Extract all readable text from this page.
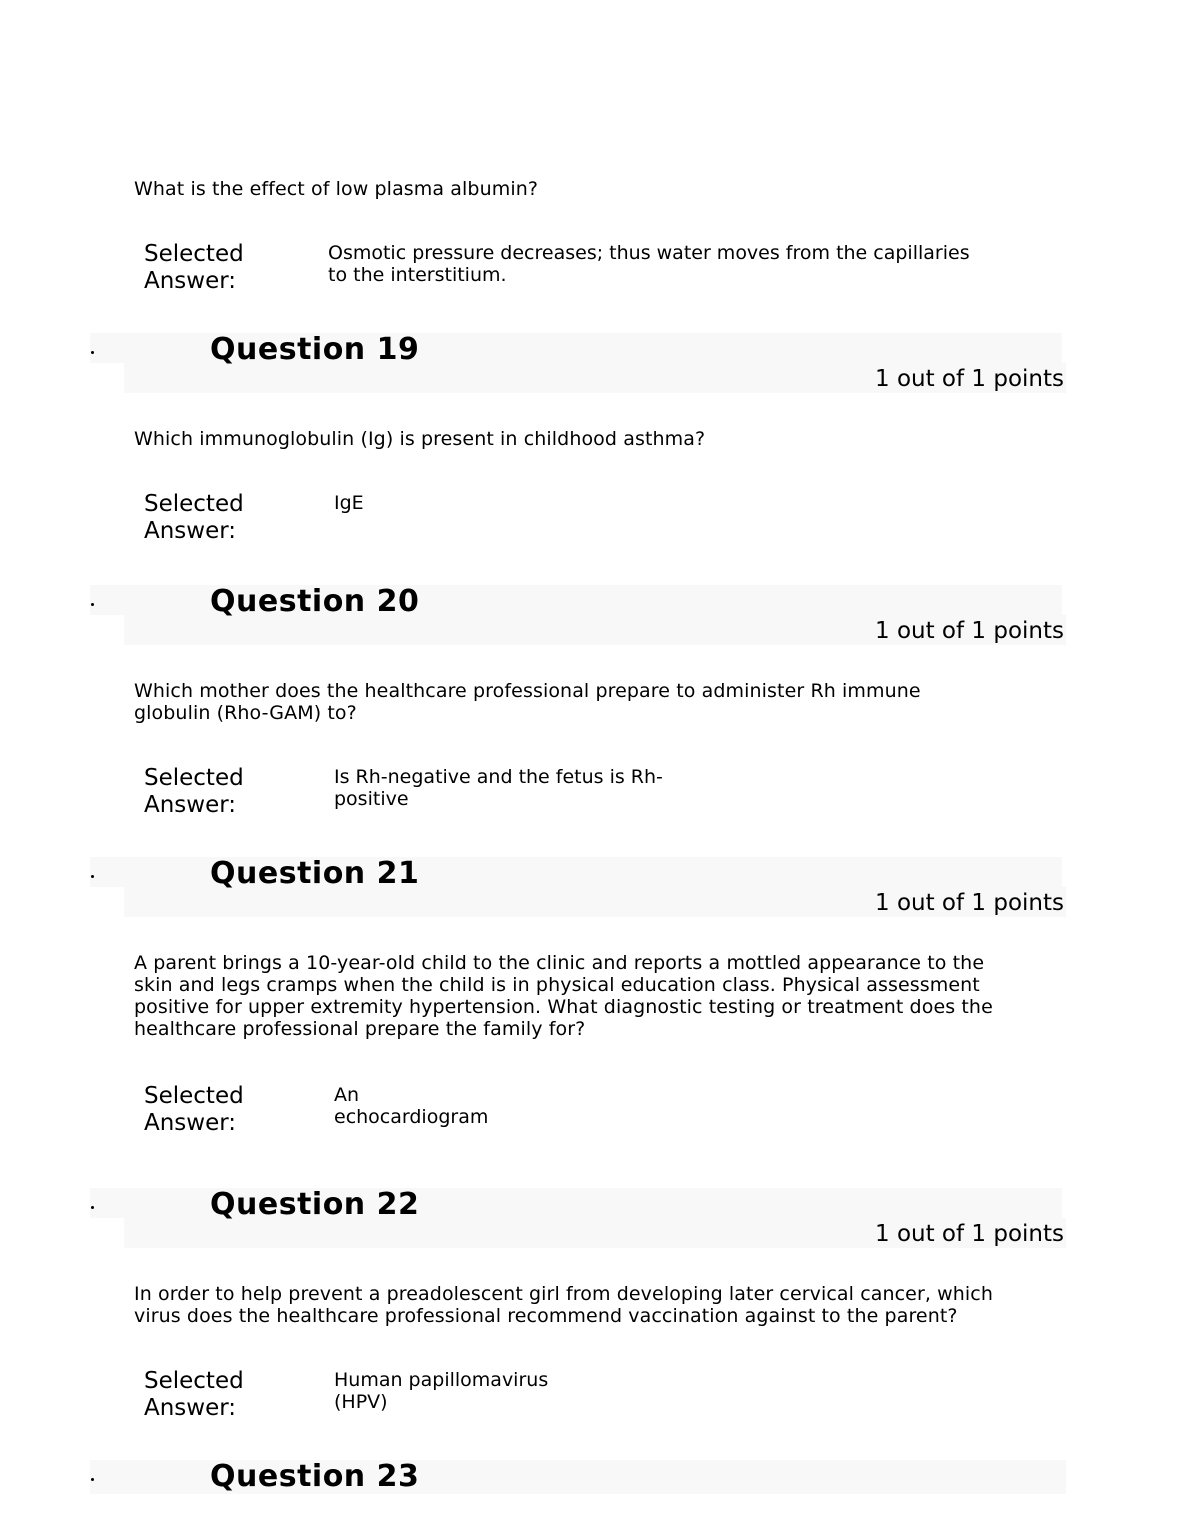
What is the effect of low plasma albumin?
Selected
Answer:
Osmotic pressure decreases; thus water moves from the capillaries
to the interstitium.
Question 19
1 out of 1 points
Which immunoglobulin (Ig) is present in childhood asthma?
Selected
Answer:
IgE
Question 20
1 out of 1 points
Which mother does the healthcare professional prepare to administer Rh immune
globulin (Rho-GAM) to?
Selected
Answer:
Is Rh-negative and the fetus is Rh-
positive
Question 21
1 out of 1 points
A parent brings a 10-year-old child to the clinic and reports a mottled appearance to the
skin and legs cramps when the child is in physical education class. Physical assessment
positive for upper extremity hypertension. What diagnostic testing or treatment does the
healthcare professional prepare the family for?
Selected
Answer:
An
echocardiogram
Question 22
1 out of 1 points
In order to help prevent a preadolescent girl from developing later cervical cancer, which
virus does the healthcare professional recommend vaccination against to the parent?
Selected
Answer:
Human papillomavirus
(HPV)
Question 23
